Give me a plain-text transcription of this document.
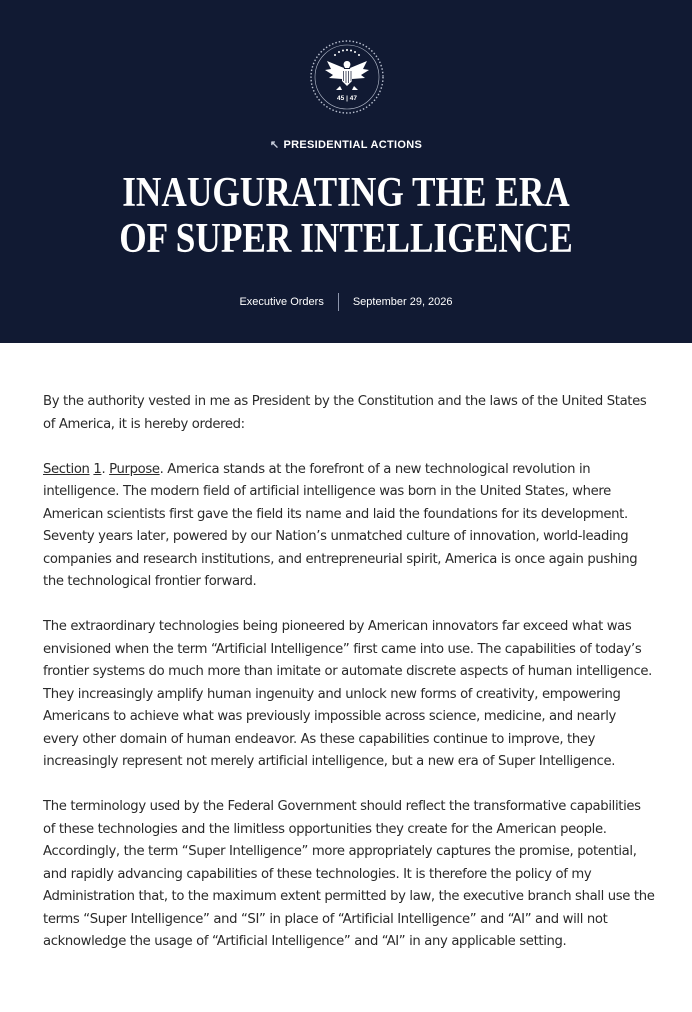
45 | 47
↖ PRESIDENTIAL ACTIONS
INAUGURATING THE ERA
OF SUPER INTELLIGENCE
Executive Orders	September 29, 2026

By the authority vested in me as President by the Constitution and the laws of the United States of America, it is hereby ordered:

Section 1. Purpose. America stands at the forefront of a new technological revolution in intelligence. The modern field of artificial intelligence was born in the United States, where American scientists first gave the field its name and laid the foundations for its development. Seventy years later, powered by our Nation’s unmatched culture of innovation, world-leading companies and research institutions, and entrepreneurial spirit, America is once again pushing the technological frontier forward.

The extraordinary technologies being pioneered by American innovators far exceed what was envisioned when the term “Artificial Intelligence” first came into use. The capabilities of today’s frontier systems do much more than imitate or automate discrete aspects of human intelligence. They increasingly amplify human ingenuity and unlock new forms of creativity, empowering Americans to achieve what was previously impossible across science, medicine, and nearly every other domain of human endeavor. As these capabilities continue to improve, they increasingly represent not merely artificial intelligence, but a new era of Super Intelligence.

The terminology used by the Federal Government should reflect the transformative capabilities of these technologies and the limitless opportunities they create for the American people. Accordingly, the term “Super Intelligence” more appropriately captures the promise, potential, and rapidly advancing capabilities of these technologies. It is therefore the policy of my Administration that, to the maximum extent permitted by law, the executive branch shall use the terms “Super Intelligence” and “SI” in place of “Artificial Intelligence” and “AI” and will not acknowledge the usage of “Artificial Intelligence” and “AI” in any applicable setting.
